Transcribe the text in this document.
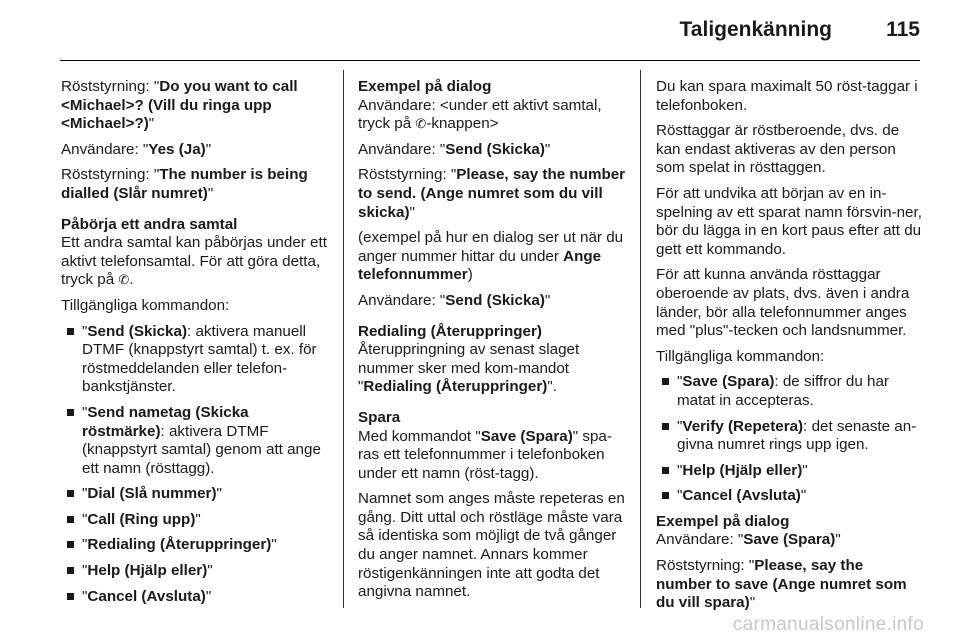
Taligenkänning	115

Röststyrning: "Do you want to call <Michael>? (Vill du ringa upp <Michael>?)"

Användare: "Yes (Ja)"

Röststyrning: "The number is being dialled (Slår numret)"

Påbörja ett andra samtal

Ett andra samtal kan påbörjas under ett aktivt telefonsamtal. För att göra detta, tryck på ✆.

Tillgängliga kommandon:

"Send (Skicka): aktivera manuell DTMF (knappstyrt samtal) t. ex. för röstmeddelanden eller telefon-bankstjänster.
"Send nametag (Skicka röstmärke): aktivera DTMF (knappstyrt samtal) genom att ange ett namn (rösttagg).
"Dial (Slå nummer)"
"Call (Ring upp)"
"Redialing (Återuppringer)"
"Help (Hjälp eller)"
"Cancel (Avsluta)"
Exempel på dialog

Användare: <under ett aktivt samtal, tryck på ✆-knappen>

Användare: "Send (Skicka)"

Röststyrning: "Please, say the number to send. (Ange numret som du vill skicka)"

(exempel på hur en dialog ser ut när du anger nummer hittar du under Ange telefonnummer)

Användare: "Send (Skicka)"

Redialing (Återuppringer)

Återuppringning av senast slaget nummer sker med kom-mandot "Redialing (Återuppringer)".

Spara

Med kommandot "Save (Spara)" spa-ras ett telefonnummer i telefonboken under ett namn (röst-tagg).

Namnet som anges måste repeteras en gång. Ditt uttal och röstläge måste vara så identiska som möjligt de två gånger du anger namnet. Annars kommer röstigenkänningen inte att godta det angivna namnet.

Du kan spara maximalt 50 röst-taggar i telefonboken.

Rösttaggar är röstberoende, dvs. de kan endast aktiveras av den person som spelat in rösttaggen.

För att undvika att början av en in-spelning av ett sparat namn försvin-ner, bör du lägga in en kort paus efter att du gett ett kommando.

För att kunna använda rösttaggar oberoende av plats, dvs. även i andra länder, bör alla telefonnummer anges med "plus"-tecken och landsnummer.

Tillgängliga kommandon:

"Save (Spara): de siffror du har matat in accepteras.
"Verify (Repetera): det senaste an-givna numret rings upp igen.
"Help (Hjälp eller)"
"Cancel (Avsluta)"
Exempel på dialog

Användare: "Save (Spara)"

Röststyrning: "Please, say the number to save (Ange numret som du vill spara)"

carmanualsonline.info
